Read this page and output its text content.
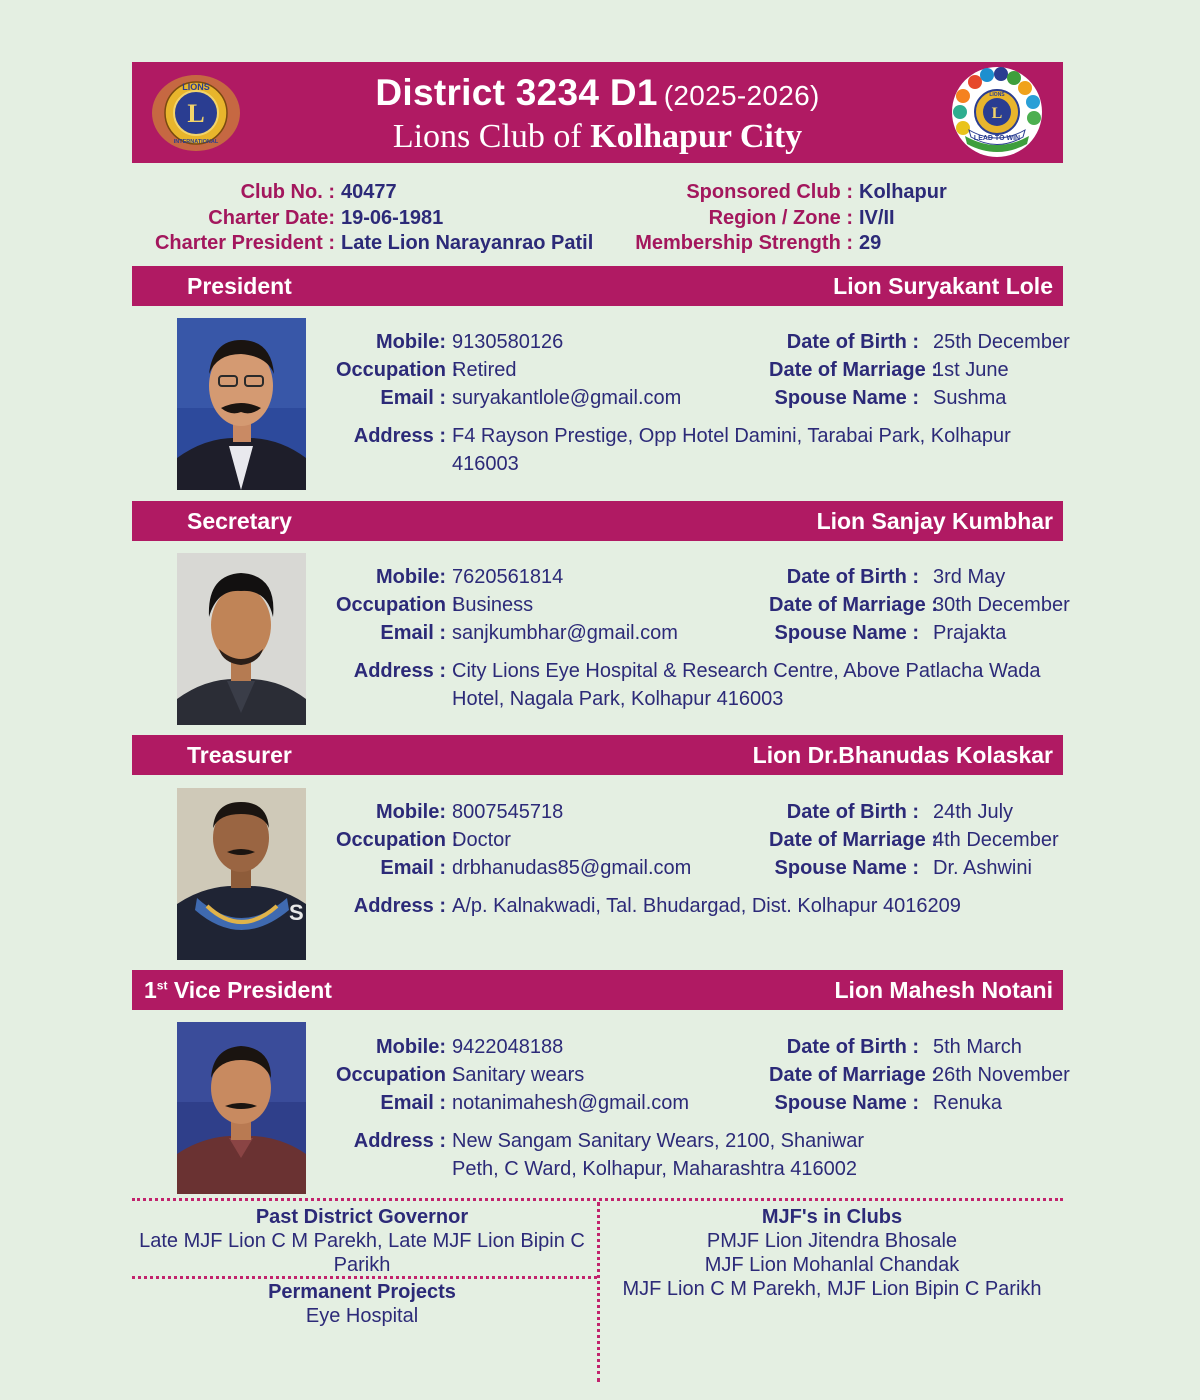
L
LIONS
INTERNATIONAL
District 3234 D1 (2025-2026)
Lions Club of Kolhapur City
L
LIONS
LEAD TO WIN
Club No. : 40477
Charter Date: 19-06-1981
Charter President : Late Lion Narayanrao Patil
Sponsored Club : Kolhapur
Region / Zone : IV/II
Membership Strength : 29
President	Lion Suryakant Lole
Mobile: 9130580126
Occupation :
Retired
Email : suryakantlole@gmail.com
Date of Birth : 25th December
Date of Marriage :
1st June
Spouse Name : Sushma
Address : F4 Rayson Prestige, Opp Hotel Damini, Tarabai Park, Kolhapur 416003
Secretary	Lion Sanjay Kumbhar
Mobile: 7620561814
Occupation :
Business
Email : sanjkumbhar@gmail.com
Date of Birth : 3rd May
Date of Marriage :
30th December
Spouse Name : Prajakta
Address : City Lions Eye Hospital & Research Centre, Above Patlacha Wada Hotel, Nagala Park, Kolhapur 416003
Treasurer	Lion Dr.Bhanudas Kolaskar
S
Mobile: 8007545718
Occupation :
Doctor
Email : drbhanudas85@gmail.com
Date of Birth : 24th July
Date of Marriage :
4th December
Spouse Name : Dr. Ashwini
Address : A/p. Kalnakwadi, Tal. Bhudargad, Dist. Kolhapur 4016209
1st Vice President	Lion Mahesh Notani
Mobile: 9422048188
Occupation :
Sanitary wears
Email : notanimahesh@gmail.com
Date of Birth : 5th March
Date of Marriage :
26th November
Spouse Name : Renuka
Address : New Sangam Sanitary Wears, 2100, Shaniwar Peth, C Ward, Kolhapur, Maharashtra 416002
Past District Governor
Late MJF Lion C M Parekh, Late MJF Lion Bipin C Parikh
Permanent Projects
Eye Hospital
MJF's in Clubs
PMJF Lion Jitendra Bhosale
MJF Lion Mohanlal Chandak
MJF Lion C M Parekh, MJF Lion Bipin C Parikh
